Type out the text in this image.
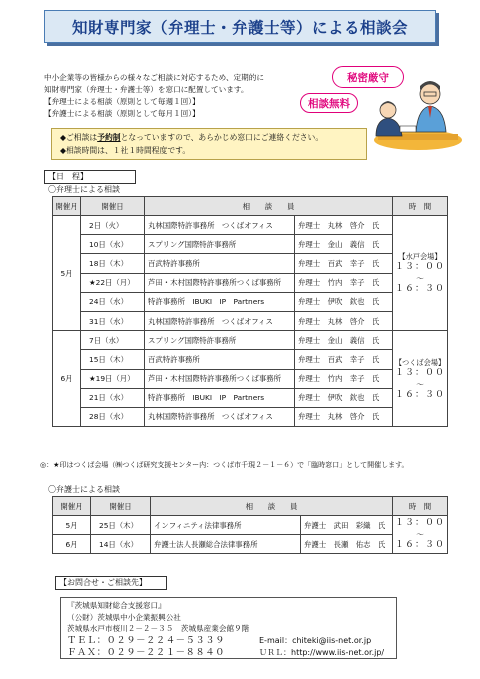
知財専門家（弁理士・弁護士等）による相談会
中小企業等の皆様からの様々なご相談に対応するため、定期的に
知財専門家（弁理士・弁護士等）を窓口に配置しています。
【弁理士による相談（原則として毎週１回）】
【弁護士による相談（原則として毎月１回）】
秘密厳守
相談無料
◆ご相談は予約制となっていますので、あらかじめ窓口にご連絡ください。
◆相談時間は、１社１時間程度です。
【日　程】
〇弁理士による相談
開催月	開催日	相　　談　　員		時　間
5月	2日（火）	丸林国際特許事務所　つくばオフィス	弁理士　丸林　啓介　氏	【水戸会場】
１３：００
～
１６：３０

	10日（水）	スプリング国際特許事務所	弁理士　金山　義信　氏	
	18日（木）	百武特許事務所	弁理士　百武　幸子　氏	
	★22日（月）	芦田・木村国際特許事務所つくば事務所	弁理士　竹内　幸子　氏	
	24日（水）	特許事務所　IBUKI　IP　Partners	弁理士　伊吹　欽也　氏	
	31日（水）	丸林国際特許事務所　つくばオフィス	弁理士　丸林　啓介　氏	
6月	7日（水）	スプリング国際特許事務所	弁理士　金山　義信　氏	【つくば会場】
１３：００
～
１６：３０

	15日（木）	百武特許事務所	弁理士　百武　幸子　氏	
	★19日（月）	芦田・木村国際特許事務所つくば事務所	弁理士　竹内　幸子　氏	
	21日（水）	特許事務所　IBUKI　IP　Partners	弁理士　伊吹　欽也　氏	
	28日（水）	丸林国際特許事務所　つくばオフィス	弁理士　丸林　啓介　氏	
◎：★印はつくば会場（㈱つくば研究支援センター内：つくば市千現２－１－６）で「臨時窓口」として開催します。
〇弁護士による相談
開催月	開催日	相　　談　　員		時　間
5月	25日（木）	インフィニティ法律事務所	弁護士　武田　彩織　氏	１３：００
～
１６：３０

6月	14日（水）	弁護士法人長瀬総合法律事務所	弁護士　長瀬　佑志　氏	
【お問合せ・ご相談先】
『茨城県知財総合支援窓口』
（公財）茨城県中小企業振興公社
茨城県水戸市桜川２－２－３５　茨城県産業会館９階
ＴＥＬ：０２９－２２４－５３３９
ＦＡＸ：０２９－２２１－８８４０
E-mail：chiteki@iis-net.or.jp
ＵＲＬ：http://www.iis-net.or.jp/
